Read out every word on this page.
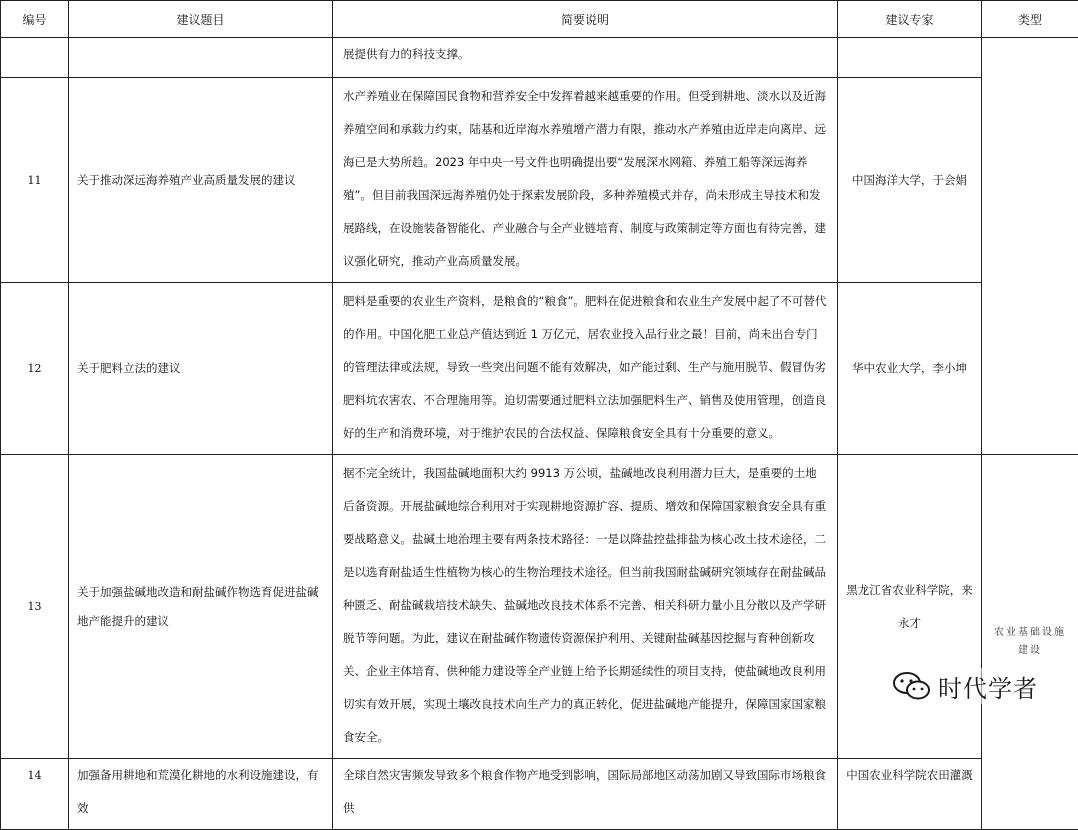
编号	建议题目	简要说明	建议专家	类型
		展提供有力的科技支撑。		
11	关于推动深远海养殖产业高质量发展的建议	水产养殖业在保障国民食物和营养安全中发挥着越来越重要的作用。但受到耕地、淡水以及近海养殖空间和承载力约束，陆基和近岸海水养殖增产潜力有限，推动水产养殖由近岸走向离岸、远海已是大势所趋。2023 年中央一号文件也明确提出要“发展深水网箱、养殖工船等深远海养殖”。但目前我国深远海养殖仍处于探索发展阶段，多种养殖模式并存，尚未形成主导技术和发展路线，在设施装备智能化、产业融合与全产业链培育、制度与政策制定等方面也有待完善，建议强化研究，推动产业高质量发展。	中国海洋大学，于会娟	
12	关于肥料立法的建议	肥料是重要的农业生产资料，是粮食的“粮食”。肥料在促进粮食和农业生产发展中起了不可替代的作用。中国化肥工业总产值达到近 1 万亿元，居农业投入品行业之最！目前，尚未出台专门的管理法律或法规，导致一些突出问题不能有效解决，如产能过剩、生产与施用脱节、假冒伪劣肥料坑农害农、不合理施用等。迫切需要通过肥料立法加强肥料生产、销售及使用管理，创造良好的生产和消费环境，对于维护农民的合法权益、保障粮食安全具有十分重要的意义。	华中农业大学，李小坤	
13	关于加强盐碱地改造和耐盐碱作物选育促进盐碱地产能提升的建议	据不完全统计，我国盐碱地面积大约 9913 万公顷，盐碱地改良利用潜力巨大，是重要的土地后备资源。开展盐碱地综合利用对于实现耕地资源扩容、提质、增效和保障国家粮食安全具有重要战略意义。盐碱土地治理主要有两条技术路径：一是以降盐控盐排盐为核心改土技术途径，二是以选育耐盐适生性植物为核心的生物治理技术途径。但当前我国耐盐碱研究领域存在耐盐碱品种匮乏、耐盐碱栽培技术缺失、盐碱地改良技术体系不完善、相关科研力量小且分散以及产学研脱节等问题。为此，建议在耐盐碱作物遗传资源保护利用、关键耐盐碱基因挖掘与育种创新攻关、企业主体培育、供种能力建设等全产业链上给予长期延续性的项目支持，使盐碱地改良利用切实有效开展，实现土壤改良技术向生产力的真正转化，促进盐碱地产能提升，保障国家国家粮食安全。	黑龙江省农业科学院，来永才	农业基础设施建设
14	加强备用耕地和荒漠化耕地的水利设施建设，有效	全球自然灾害频发导致多个粮食作物产地受到影响，国际局部地区动荡加剧又导致国际市场粮食供	中国农业科学院农田灌溉	
时代学者
